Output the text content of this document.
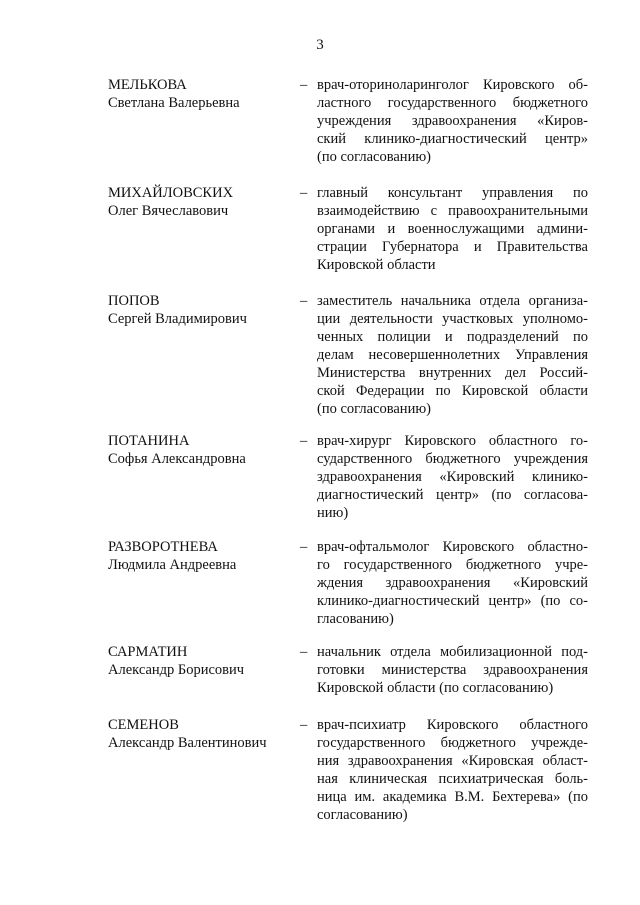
3
МЕЛЬКОВА
Светлана Валерьевна
– врач-оториноларинголог Кировского об-
ластного государственного бюджетного
учреждения здравоохранения «Киров-
ский клинико-диагностический центр»
(по согласованию)
МИХАЙЛОВСКИХ
Олег Вячеславович
– главный консультант управления по
взаимодействию с правоохранительными
органами и военнослужащими админи-
страции Губернатора и Правительства
Кировской области
ПОПОВ
Сергей Владимирович
– заместитель начальника отдела организа-
ции деятельности участковых уполномо-
ченных полиции и подразделений по
делам несовершеннолетних Управления
Министерства внутренних дел Россий-
ской Федерации по Кировской области
(по согласованию)
ПОТАНИНА
Софья Александровна
– врач-хирург Кировского областного го-
сударственного бюджетного учреждения
здравоохранения «Кировский клинико-
диагностический центр» (по согласова-
нию)
РАЗВОРОТНЕВА
Людмила Андреевна
– врач-офтальмолог Кировского областно-
го государственного бюджетного учре-
ждения здравоохранения «Кировский
клинико-диагностический центр» (по со-
гласованию)
САРМАТИН
Александр Борисович
– начальник отдела мобилизационной под-
готовки министерства здравоохранения
Кировской области (по согласованию)
СЕМЕНОВ
Александр Валентинович
– врач-психиатр Кировского областного
государственного бюджетного учрежде-
ния здравоохранения «Кировская област-
ная клиническая психиатрическая боль-
ница им. академика В.М. Бехтерева» (по
согласованию)
